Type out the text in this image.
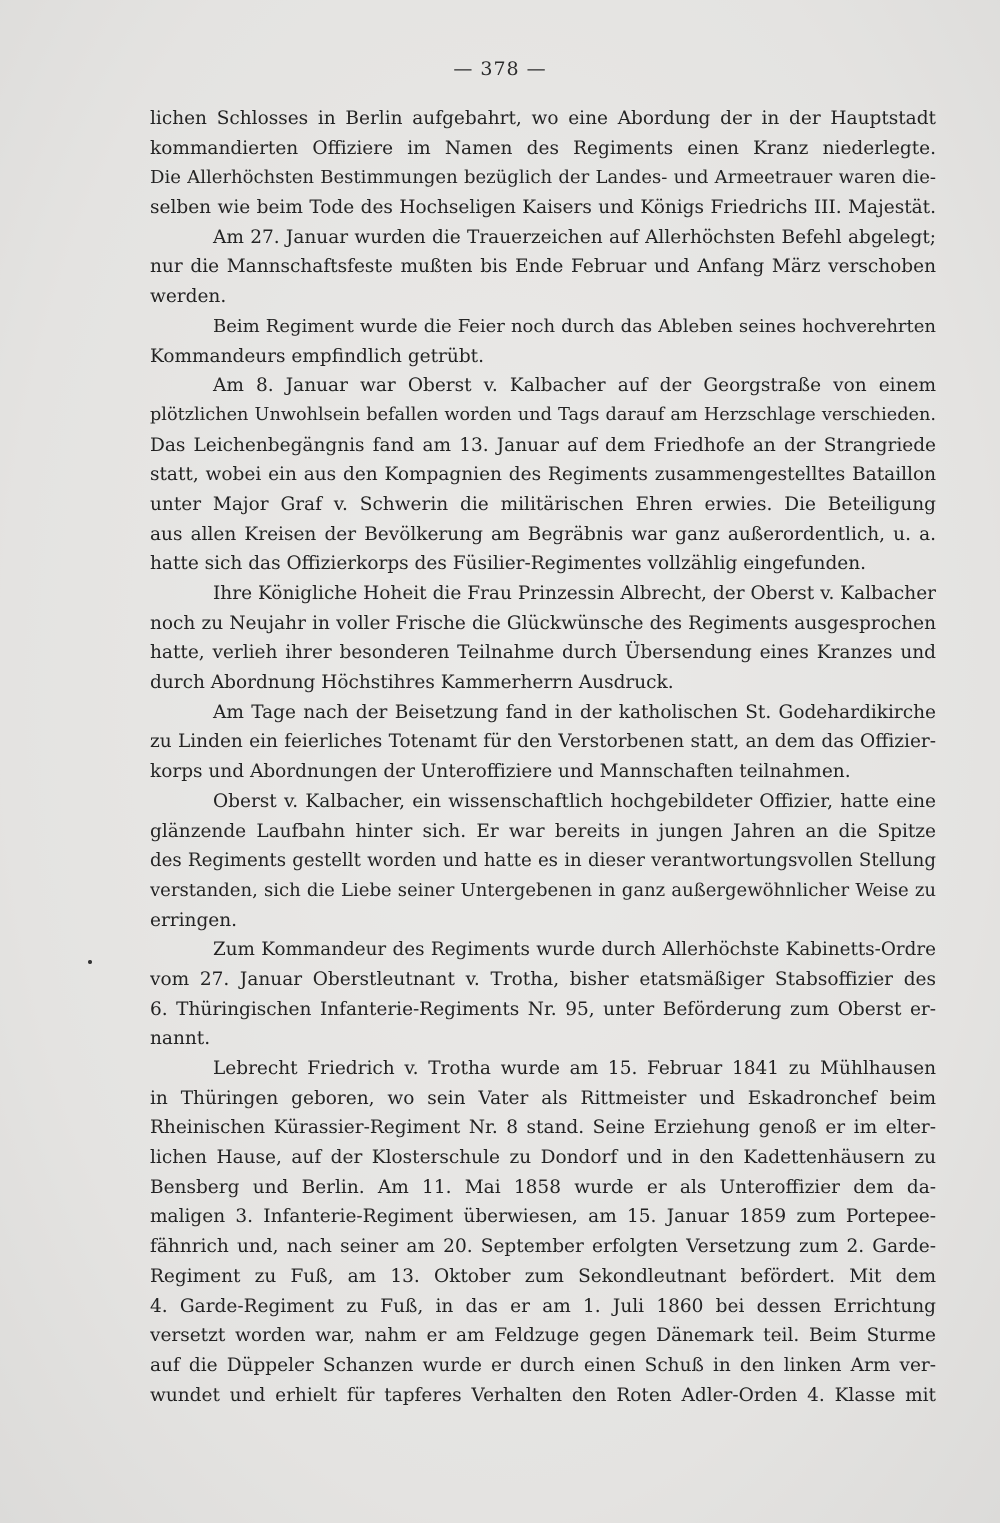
— 378 —
lichen Schlosses in Berlin aufgebahrt, wo eine Abordung der in der Hauptstadt
kommandierten Offiziere im Namen des Regiments einen Kranz niederlegte.
Die Allerhöchsten Bestimmungen bezüglich der Landes- und Armeetrauer waren die-
selben wie beim Tode des Hochseligen Kaisers und Königs Friedrichs III. Majestät.
Am 27. Januar wurden die Trauerzeichen auf Allerhöchsten Befehl abgelegt;
nur die Mannschaftsfeste mußten bis Ende Februar und Anfang März verschoben
werden.
Beim Regiment wurde die Feier noch durch das Ableben seines hochverehrten
Kommandeurs empfindlich getrübt.
Am 8. Januar war Oberst v. Kalbacher auf der Georgstraße von einem
plötzlichen Unwohlsein befallen worden und Tags darauf am Herzschlage verschieden.
Das Leichenbegängnis fand am 13. Januar auf dem Friedhofe an der Strangriede
statt, wobei ein aus den Kompagnien des Regiments zusammengestelltes Bataillon
unter Major Graf v. Schwerin die militärischen Ehren erwies. Die Beteiligung
aus allen Kreisen der Bevölkerung am Begräbnis war ganz außerordentlich, u. a.
hatte sich das Offizierkorps des Füsilier-Regimentes vollzählig eingefunden.
Ihre Königliche Hoheit die Frau Prinzessin Albrecht, der Oberst v. Kalbacher
noch zu Neujahr in voller Frische die Glückwünsche des Regiments ausgesprochen
hatte, verlieh ihrer besonderen Teilnahme durch Übersendung eines Kranzes und
durch Abordnung Höchstihres Kammerherrn Ausdruck.
Am Tage nach der Beisetzung fand in der katholischen St. Godehardikirche
zu Linden ein feierliches Totenamt für den Verstorbenen statt, an dem das Offizier-
korps und Abordnungen der Unteroffiziere und Mannschaften teilnahmen.
Oberst v. Kalbacher, ein wissenschaftlich hochgebildeter Offizier, hatte eine
glänzende Laufbahn hinter sich. Er war bereits in jungen Jahren an die Spitze
des Regiments gestellt worden und hatte es in dieser verantwortungsvollen Stellung
verstanden, sich die Liebe seiner Untergebenen in ganz außergewöhnlicher Weise zu
erringen.
Zum Kommandeur des Regiments wurde durch Allerhöchste Kabinetts-Ordre
vom 27. Januar Oberstleutnant v. Trotha, bisher etatsmäßiger Stabsoffizier des
6. Thüringischen Infanterie-Regiments Nr. 95, unter Beförderung zum Oberst er-
nannt.
Lebrecht Friedrich v. Trotha wurde am 15. Februar 1841 zu Mühlhausen
in Thüringen geboren, wo sein Vater als Rittmeister und Eskadronchef beim
Rheinischen Kürassier-Regiment Nr. 8 stand. Seine Erziehung genoß er im elter-
lichen Hause, auf der Klosterschule zu Dondorf und in den Kadettenhäusern zu
Bensberg und Berlin. Am 11. Mai 1858 wurde er als Unteroffizier dem da-
maligen 3. Infanterie-Regiment überwiesen, am 15. Januar 1859 zum Portepee-
fähnrich und, nach seiner am 20. September erfolgten Versetzung zum 2. Garde-
Regiment zu Fuß, am 13. Oktober zum Sekondleutnant befördert. Mit dem
4. Garde-Regiment zu Fuß, in das er am 1. Juli 1860 bei dessen Errichtung
versetzt worden war, nahm er am Feldzuge gegen Dänemark teil. Beim Sturme
auf die Düppeler Schanzen wurde er durch einen Schuß in den linken Arm ver-
wundet und erhielt für tapferes Verhalten den Roten Adler-Orden 4. Klasse mit
